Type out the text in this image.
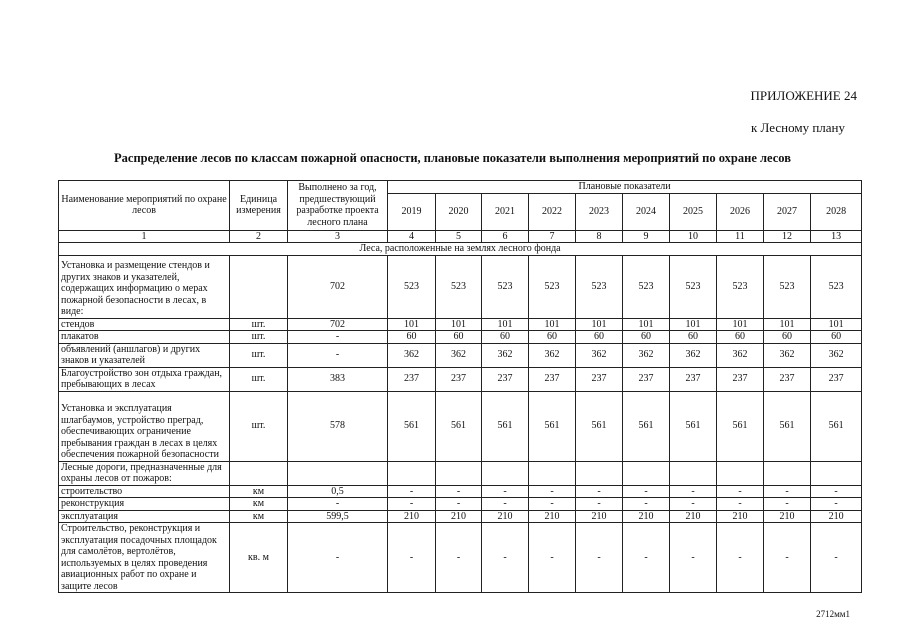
ПРИЛОЖЕНИЕ 24
к Лесному плану
Распределение лесов по классам пожарной опасности, плановые показатели выполнения мероприятий по охране лесов
Наименование мероприятий по охране лесов	Единица измерения	Выполнено за год, предшествующий разработке проекта лесного плана	Плановые показатели									
			2019	2020	2021	2022	2023	2024	2025	2026	2027	2028
1	2	3	4	5	6	7	8	9	10	11	12	13
Леса, расположенные на землях лесного фонда												
Установка и размещение стендов и других знаков и указателей, содержащих информацию о мерах пожарной безопасности в лесах, в виде:		702	523	523	523	523	523	523	523	523	523	523
стендов	шт.	702	101	101	101	101	101	101	101	101	101	101
плакатов	шт.	-	60	60	60	60	60	60	60	60	60	60
объявлений (аншлагов) и других знаков и указателей	шт.	-	362	362	362	362	362	362	362	362	362	362
Благоустройство зон отдыха граждан, пребывающих в лесах	шт.	383	237	237	237	237	237	237	237	237	237	237
Установка и эксплуатация шлагбаумов, устройство преград, обеспечивающих ограничение пребывания граждан в лесах в целях обеспечения пожарной безопасности	шт.	578	561	561	561	561	561	561	561	561	561	561
Лесные дороги, предназначенные для охраны лесов от пожаров:												
строительство	км	0,5	-	-	-	-	-	-	-	-	-	-
реконструкция	км	-	-	-	-	-	-	-	-	-	-	-
эксплуатация	км	599,5	210	210	210	210	210	210	210	210	210	210
Строительство, реконструкция и эксплуатация посадочных площадок для самолётов, вертолётов, используемых в целях проведения авиационных работ по охране и защите лесов	кв. м	-	-	-	-	-	-	-	-	-	-	-
2712мм1
